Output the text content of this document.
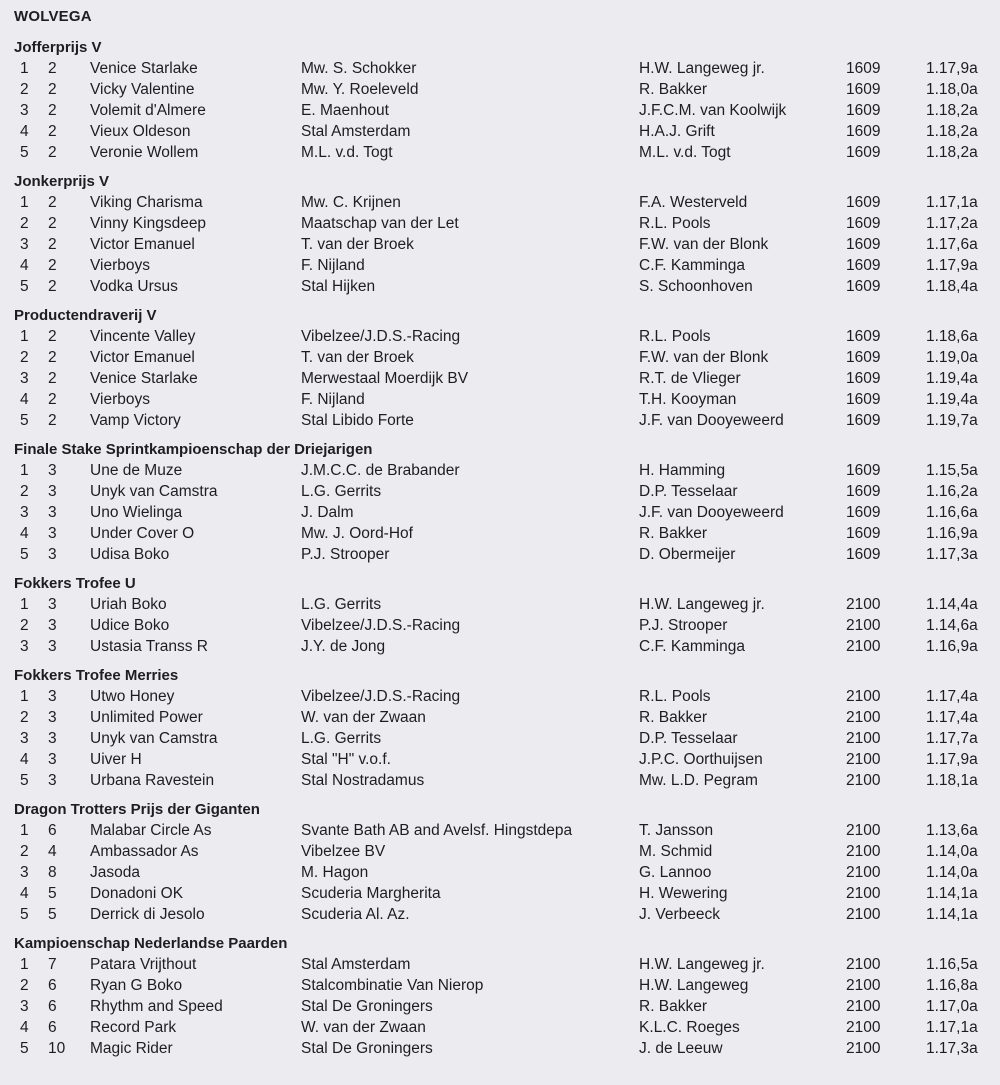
WOLVEGA
Jofferprijs V
1 2 Venice Starlake	Mw. S. Schokker	H.W. Langeweg jr.	1609	1.17,9a
2 2 Vicky Valentine	Mw. Y. Roeleveld	R. Bakker	1609	1.18,0a
3 2 Volemit d'Almere	E. Maenhout	J.F.C.M. van Koolwijk	1609	1.18,2a
4 2 Vieux Oldeson	Stal Amsterdam	H.A.J. Grift	1609	1.18,2a
5 2 Veronie Wollem	M.L. v.d. Togt	M.L. v.d. Togt	1609	1.18,2a
Jonkerprijs V
1 2 Viking Charisma	Mw. C. Krijnen	F.A. Westerveld	1609	1.17,1a
2 2 Vinny Kingsdeep	Maatschap van der Let	R.L. Pools	1609	1.17,2a
3 2 Victor Emanuel	T. van der Broek	F.W. van der Blonk	1609	1.17,6a
4 2 Vierboys	F. Nijland	C.F. Kamminga	1609	1.17,9a
5 2 Vodka Ursus	Stal Hijken	S. Schoonhoven	1609	1.18,4a
Productendraverij V
1 2 Vincente Valley	Vibelzee/J.D.S.-Racing	R.L. Pools	1609	1.18,6a
2 2 Victor Emanuel	T. van der Broek	F.W. van der Blonk	1609	1.19,0a
3 2 Venice Starlake	Merwestaal Moerdijk BV	R.T. de Vlieger	1609	1.19,4a
4 2 Vierboys	F. Nijland	T.H. Kooyman	1609	1.19,4a
5 2 Vamp Victory	Stal Libido Forte	J.F. van Dooyeweerd	1609	1.19,7a
Finale Stake Sprintkampioenschap der Driejarigen
1 3 Une de Muze	J.M.C.C. de Brabander	H. Hamming	1609	1.15,5a
2 3 Unyk van Camstra	L.G. Gerrits	D.P. Tesselaar	1609	1.16,2a
3 3 Uno Wielinga	J. Dalm	J.F. van Dooyeweerd	1609	1.16,6a
4 3 Under Cover O	Mw. J. Oord-Hof	R. Bakker	1609	1.16,9a
5 3 Udisa Boko	P.J. Strooper	D. Obermeijer	1609	1.17,3a
Fokkers Trofee U
1 3 Uriah Boko	L.G. Gerrits	H.W. Langeweg jr.	2100	1.14,4a
2 3 Udice Boko	Vibelzee/J.D.S.-Racing	P.J. Strooper	2100	1.14,6a
3 3 Ustasia Transs R	J.Y. de Jong	C.F. Kamminga	2100	1.16,9a
Fokkers Trofee Merries
1 3 Utwo Honey	Vibelzee/J.D.S.-Racing	R.L. Pools	2100	1.17,4a
2 3 Unlimited Power	W. van der Zwaan	R. Bakker	2100	1.17,4a
3 3 Unyk van Camstra	L.G. Gerrits	D.P. Tesselaar	2100	1.17,7a
4 3 Uiver H	Stal "H" v.o.f.	J.P.C. Oorthuijsen	2100	1.17,9a
5 3 Urbana Ravestein	Stal Nostradamus	Mw. L.D. Pegram	2100	1.18,1a
Dragon Trotters Prijs der Giganten
1 6 Malabar Circle As	Svante Bath AB and Avelsf. Hingstdepa	T. Jansson	2100	1.13,6a
2 4 Ambassador As	Vibelzee BV	M. Schmid	2100	1.14,0a
3 8 Jasoda	M. Hagon	G. Lannoo	2100	1.14,0a
4 5 Donadoni OK	Scuderia Margherita	H. Wewering	2100	1.14,1a
5 5 Derrick di Jesolo	Scuderia Al. Az.	J. Verbeeck	2100	1.14,1a
Kampioenschap Nederlandse Paarden
1 7 Patara Vrijthout	Stal Amsterdam	H.W. Langeweg jr.	2100	1.16,5a
2 6 Ryan G Boko	Stalcombinatie Van Nierop	H.W. Langeweg	2100	1.16,8a
3 6 Rhythm and Speed	Stal De Groningers	R. Bakker	2100	1.17,0a
4 6 Record Park	W. van der Zwaan	K.L.C. Roeges	2100	1.17,1a
5 10 Magic Rider	Stal De Groningers	J. de Leeuw	2100	1.17,3a
